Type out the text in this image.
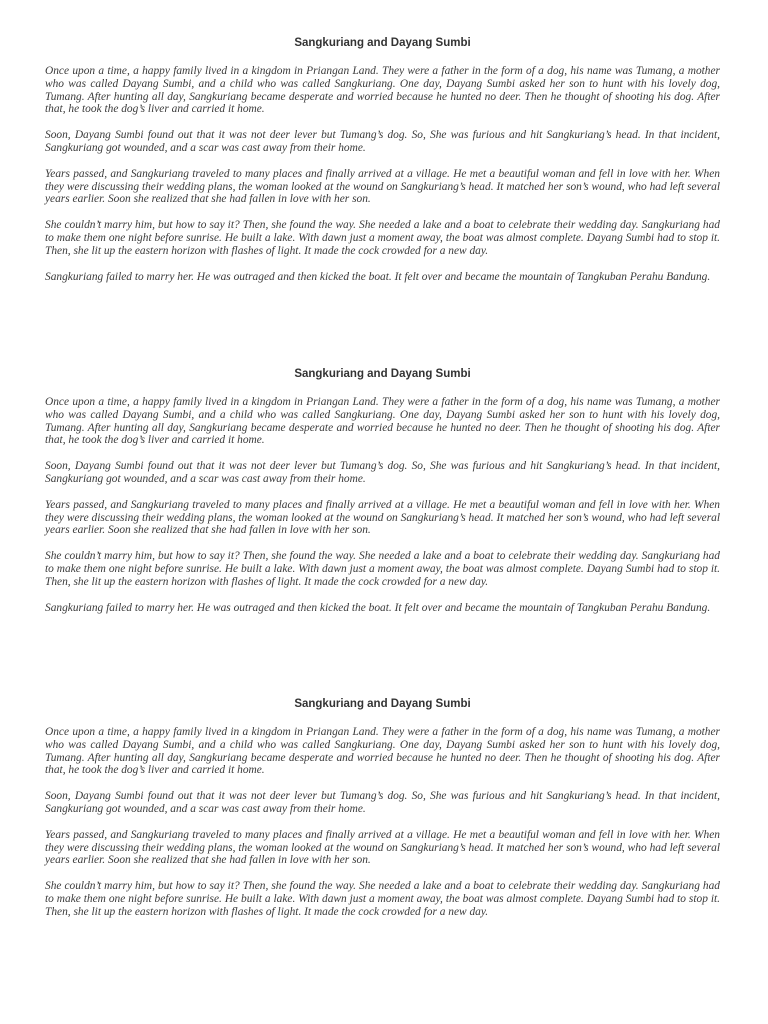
Sangkuriang and Dayang Sumbi

Once upon a time, a happy family lived in a kingdom in Priangan Land. They were a father in the form of a dog, his name was Tumang, a mother who was called Dayang Sumbi, and a child who was called Sangkuriang. One day, Dayang Sumbi asked her son to hunt with his lovely dog, Tumang. After hunting all day, Sangkuriang became desperate and worried because he hunted no deer. Then he thought of shooting his dog. After that, he took the dog’s liver and carried it home.

Soon, Dayang Sumbi found out that it was not deer lever but Tumang’s dog. So, She was furious and hit Sangkuriang’s head. In that incident, Sangkuriang got wounded, and a scar was cast away from their home.

Years passed, and Sangkuriang traveled to many places and finally arrived at a village. He met a beautiful woman and fell in love with her. When they were discussing their wedding plans, the woman looked at the wound on Sangkuriang’s head. It matched her son’s wound, who had left several years earlier. Soon she realized that she had fallen in love with her son.

She couldn’t marry him, but how to say it? Then, she found the way. She needed a lake and a boat to celebrate their wedding day. Sangkuriang had to make them one night before sunrise. He built a lake. With dawn just a moment away, the boat was almost complete. Dayang Sumbi had to stop it. Then, she lit up the eastern horizon with flashes of light. It made the cock crowded for a new day.

Sangkuriang failed to marry her. He was outraged and then kicked the boat. It felt over and became the mountain of Tangkuban Perahu Bandung.

Sangkuriang and Dayang Sumbi

Once upon a time, a happy family lived in a kingdom in Priangan Land. They were a father in the form of a dog, his name was Tumang, a mother who was called Dayang Sumbi, and a child who was called Sangkuriang. One day, Dayang Sumbi asked her son to hunt with his lovely dog, Tumang. After hunting all day, Sangkuriang became desperate and worried because he hunted no deer. Then he thought of shooting his dog. After that, he took the dog’s liver and carried it home.

Soon, Dayang Sumbi found out that it was not deer lever but Tumang’s dog. So, She was furious and hit Sangkuriang’s head. In that incident, Sangkuriang got wounded, and a scar was cast away from their home.

Years passed, and Sangkuriang traveled to many places and finally arrived at a village. He met a beautiful woman and fell in love with her. When they were discussing their wedding plans, the woman looked at the wound on Sangkuriang’s head. It matched her son’s wound, who had left several years earlier. Soon she realized that she had fallen in love with her son.

She couldn’t marry him, but how to say it? Then, she found the way. She needed a lake and a boat to celebrate their wedding day. Sangkuriang had to make them one night before sunrise. He built a lake. With dawn just a moment away, the boat was almost complete. Dayang Sumbi had to stop it. Then, she lit up the eastern horizon with flashes of light. It made the cock crowded for a new day.

Sangkuriang failed to marry her. He was outraged and then kicked the boat. It felt over and became the mountain of Tangkuban Perahu Bandung.

Sangkuriang and Dayang Sumbi

Once upon a time, a happy family lived in a kingdom in Priangan Land. They were a father in the form of a dog, his name was Tumang, a mother who was called Dayang Sumbi, and a child who was called Sangkuriang. One day, Dayang Sumbi asked her son to hunt with his lovely dog, Tumang. After hunting all day, Sangkuriang became desperate and worried because he hunted no deer. Then he thought of shooting his dog. After that, he took the dog’s liver and carried it home.

Soon, Dayang Sumbi found out that it was not deer lever but Tumang’s dog. So, She was furious and hit Sangkuriang’s head. In that incident, Sangkuriang got wounded, and a scar was cast away from their home.

Years passed, and Sangkuriang traveled to many places and finally arrived at a village. He met a beautiful woman and fell in love with her. When they were discussing their wedding plans, the woman looked at the wound on Sangkuriang’s head. It matched her son’s wound, who had left several years earlier. Soon she realized that she had fallen in love with her son.

She couldn’t marry him, but how to say it? Then, she found the way. She needed a lake and a boat to celebrate their wedding day. Sangkuriang had to make them one night before sunrise. He built a lake. With dawn just a moment away, the boat was almost complete. Dayang Sumbi had to stop it. Then, she lit up the eastern horizon with flashes of light. It made the cock crowded for a new day.
